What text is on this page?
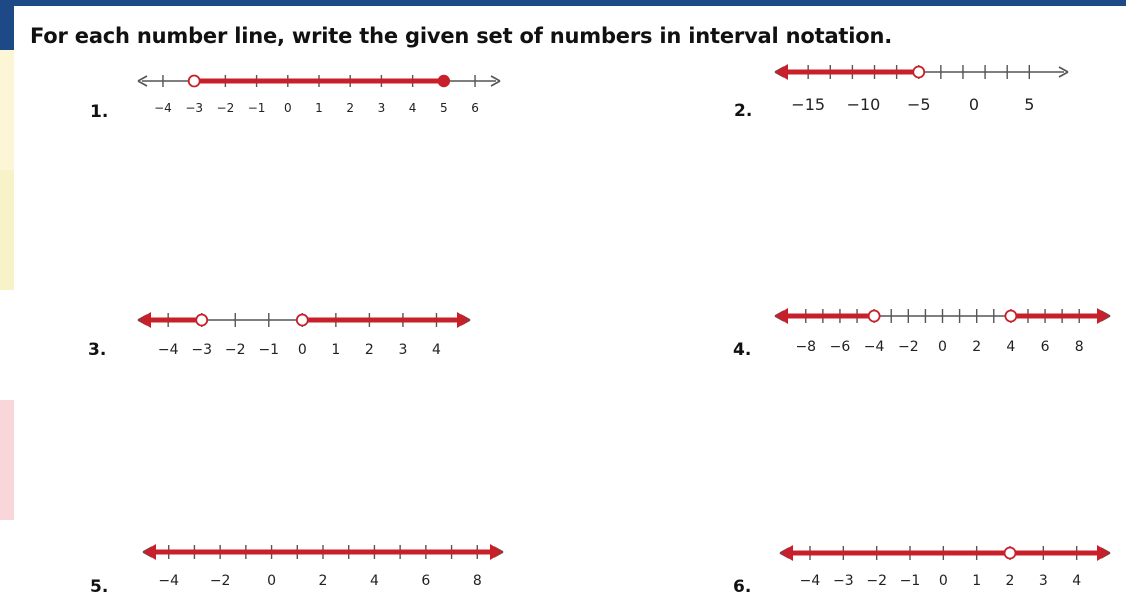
For each number line, write the given set of numbers in interval notation.
1.	−4 −3 −2 −1 0 1 2 3 4 5 6	2. −15 −10 −5 0	5
3.	−4 −3 −2 −1 0 1 2 3 4	4.	−8 −6 −4 −2 0 2 4 6 8
5.	−4 −2	0	2	4	6	8	6.	−4 −3 −2 −1 0 1 2 3 4
